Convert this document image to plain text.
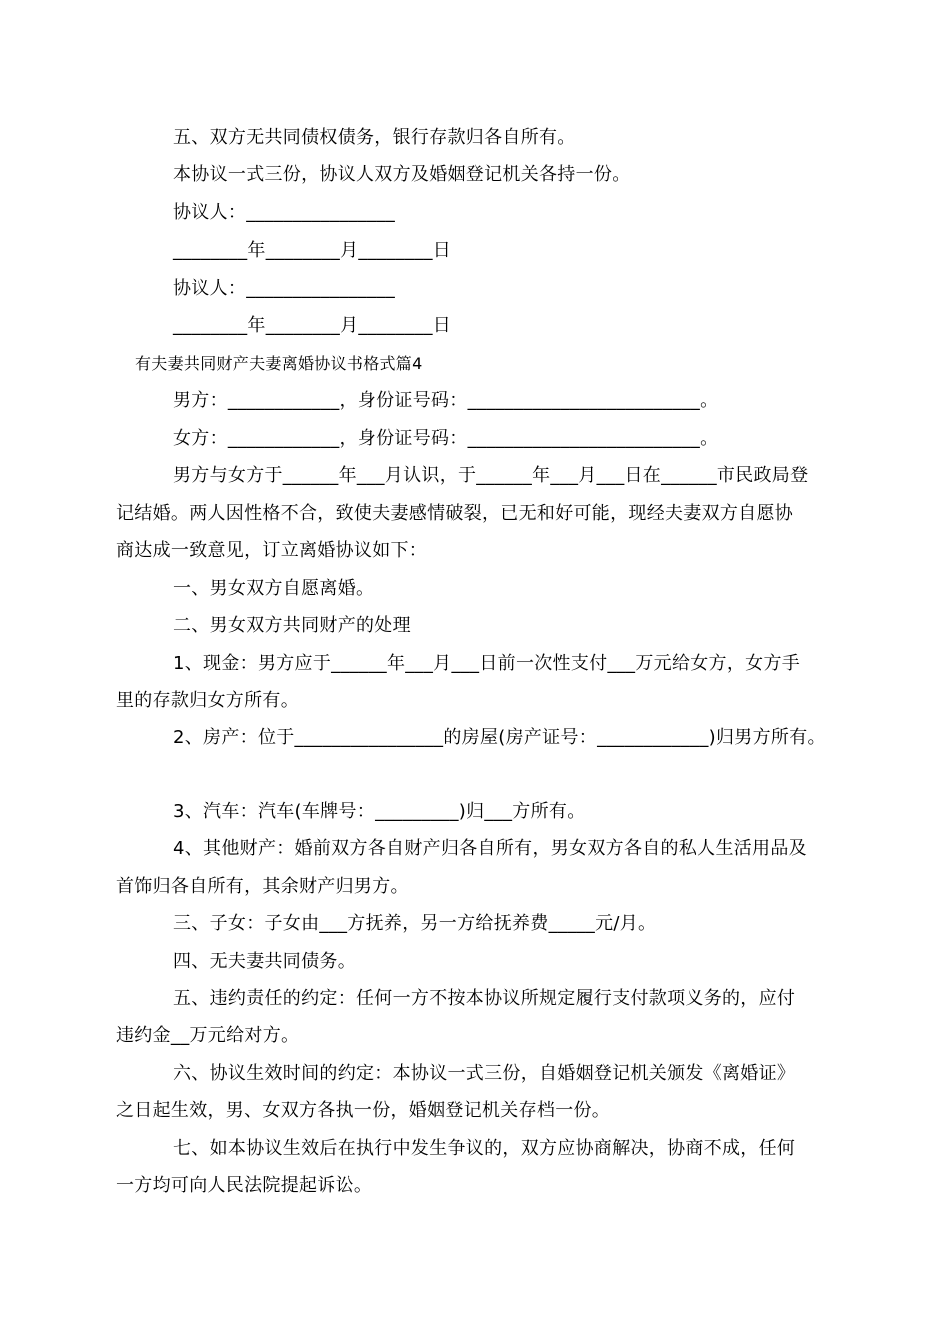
五、双方无共同债权债务，银行存款归各自所有。
本协议一式三份，协议人双方及婚姻登记机关各持一份。
协议人：________________
________年________月________日
协议人：________________
________年________月________日
有夫妻共同财产夫妻离婚协议书格式篇4
男方：____________，身份证号码：_________________________。
女方：____________，身份证号码：_________________________。
男方与女方于______年___月认识，于______年___月___日在______市民政局登
记结婚。两人因性格不合，致使夫妻感情破裂，已无和好可能，现经夫妻双方自愿协
商达成一致意见，订立离婚协议如下：
一、男女双方自愿离婚。
二、男女双方共同财产的处理
1、现金：男方应于______年___月___日前一次性支付___万元给女方，女方手
里的存款归女方所有。
2、房产：位于________________的房屋(房产证号：____________)归男方所有。
3、汽车：汽车(车牌号：_________)归___方所有。
4、其他财产：婚前双方各自财产归各自所有，男女双方各自的私人生活用品及
首饰归各自所有，其余财产归男方。
三、子女：子女由___方抚养，另一方给抚养费_____元/月。
四、无夫妻共同债务。
五、违约责任的约定：任何一方不按本协议所规定履行支付款项义务的，应付
违约金__万元给对方。
六、协议生效时间的约定：本协议一式三份，自婚姻登记机关颁发《离婚证》
之日起生效，男、女双方各执一份，婚姻登记机关存档一份。
七、如本协议生效后在执行中发生争议的，双方应协商解决，协商不成，任何
一方均可向人民法院提起诉讼。
